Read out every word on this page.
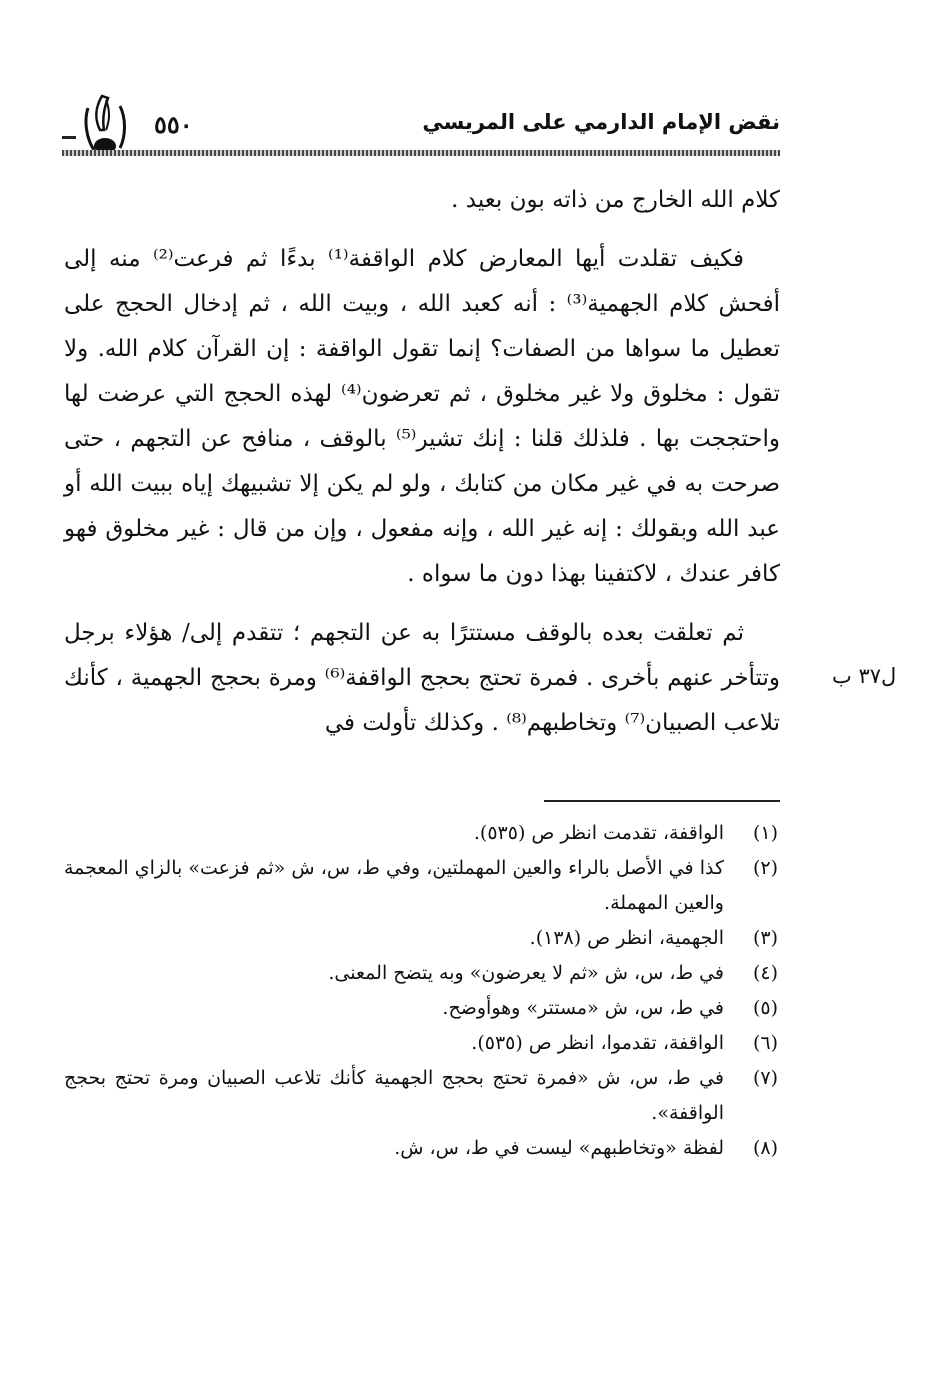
نقض الإمام الدارمي على المريسي
٥٥٠

كلام الله الخارج من ذاته بون بعيد .

فكيف تقلدت أيها المعارض كلام الواقفة⁽¹⁾ بدءًا ثم فرعت⁽²⁾ منه إلى أفحش كلام الجهمية⁽³⁾ : أنه كعبد الله ، وبيت الله ، ثم إدخال الحجج على تعطيل ما سواها من الصفات؟ إنما تقول الواقفة : إن القرآن كلام الله. ولا تقول : مخلوق ولا غير مخلوق ، ثم تعرضون⁽⁴⁾ لهذه الحجج التي عرضت لها واحتججت بها . فلذلك قلنا : إنك تشير⁽⁵⁾ بالوقف ، منافح عن التجهم ، حتى صرحت به في غير مكان من كتابك ، ولو لم يكن إلا تشبيهك إياه ببيت الله أو عبد الله وبقولك : إنه غير الله ، وإنه مفعول ، وإن من قال : غير مخلوق فهو كافر عندك ، لاكتفينا بهذا دون ما سواه .

ثم تعلقت بعده بالوقف مستترًا به عن التجهم ؛ تتقدم إلى/ هؤلاء برجل وتتأخر عنهم بأخرى . فمرة تحتج بحجج الواقفة⁽⁶⁾ ومرة بحجج الجهمية ، كأنك تلاعب الصبيان⁽⁷⁾ وتخاطبهم⁽⁸⁾ . وكذلك تأولت في

ل٣٧ ب
(١)
الواقفة، تقدمت انظر ص (٥٣٥).
(٢)
كذا في الأصل بالراء والعين المهملتين، وفي ط، س، ش «ثم فزعت» بالزاي المعجمة والعين المهملة.
(٣)
الجهمية، انظر ص (١٣٨).
(٤)
في ط، س، ش «ثم لا يعرضون» وبه يتضح المعنى.
(٥)
في ط، س، ش «مستتر» وهوأوضح.
(٦)
الواقفة، تقدموا، انظر ص (٥٣٥).
(٧)
في ط، س، ش «فمرة تحتج بحجج الجهمية كأنك تلاعب الصبيان ومرة تحتج بحجج الواقفة».
(٨)
لفظة «وتخاطبهم» ليست في ط، س، ش.
